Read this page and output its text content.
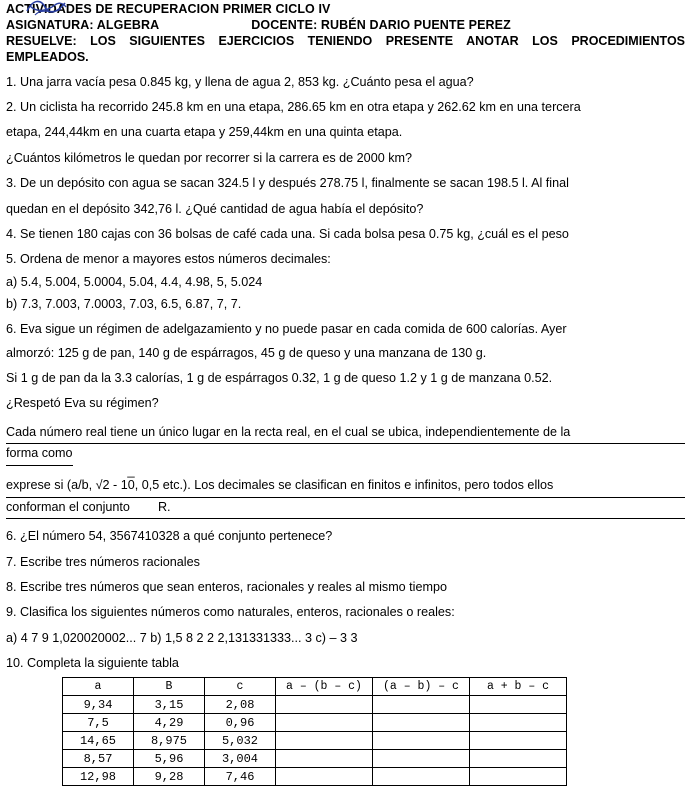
ACTIVIDADES DE RECUPERACION PRIMER CICLO IV
ASIGNATURA: ALGEBRA	DOCENTE: RUBÉN DARIO PUENTE PEREZ
RESUELVE: LOS SIGUIENTES EJERCICIOS TENIENDO PRESENTE ANOTAR LOS PROCEDIMIENTOS EMPLEADOS.
1. Una jarra vacía pesa 0.845 kg, y llena de agua 2, 853 kg. ¿Cuánto pesa el agua?
2. Un ciclista ha recorrido 245.8 km en una etapa, 286.65 km en otra etapa y 262.62 km en una tercera
etapa, 244,44km en una cuarta etapa y 259,44km en una quinta etapa.
¿Cuántos kilómetros le quedan por recorrer si la carrera es de 2000 km?
3. De un depósito con agua se sacan 324.5 l y después 278.75 l, finalmente se sacan 198.5 l. Al final
quedan en el depósito 342,76 l. ¿Qué cantidad de agua había el depósito?
4. Se tienen 180 cajas con 36 bolsas de café cada una. Si cada bolsa pesa 0.75 kg, ¿cuál es el peso
5. Ordena de menor a mayores estos números decimales:
a) 5.4, 5.004, 5.0004, 5.04, 4.4, 4.98, 5, 5.024
b) 7.3, 7.003, 7.0003, 7.03, 6.5, 6.87, 7, 7.
6. Eva sigue un régimen de adelgazamiento y no puede pasar en cada comida de 600 calorías. Ayer
almorzó: 125 g de pan, 140 g de espárragos, 45 g de queso y una manzana de 130 g.
Si 1 g de pan da la 3.3 calorías, 1 g de espárragos 0.32, 1 g de queso 1.2 y 1 g de manzana 0.52.
¿Respetó Eva su régimen?
Cada número real tiene un único lugar en la recta real, en el cual se ubica, independientemente de la
forma como
_
exprese si (a/b, √2 - 10, 0,5 etc.). Los decimales se clasifican en finitos e infinitos, pero todos ellos
conforman el conjunto R.
6. ¿El número 54, 3567410328 a qué conjunto pertenece?
7. Escribe tres números racionales
8. Escribe tres números que sean enteros, racionales y reales al mismo tiempo
9. Clasifica los siguientes números como naturales, enteros, racionales o reales:
a) 4 7 9 1,020020002... 7 b) 1,5 8 2 2 2,131331333... 3 c) – 3 3
10. Completa la siguiente tabla
a	B	c	a – (b – c)	(a – b) – c	a + b – c
9,34	3,15	2,08			
7,5	4,29	0,96			
14,65	8,975	5,032			
8,57	5,96	3,004			
12,98	9,28	7,46			
